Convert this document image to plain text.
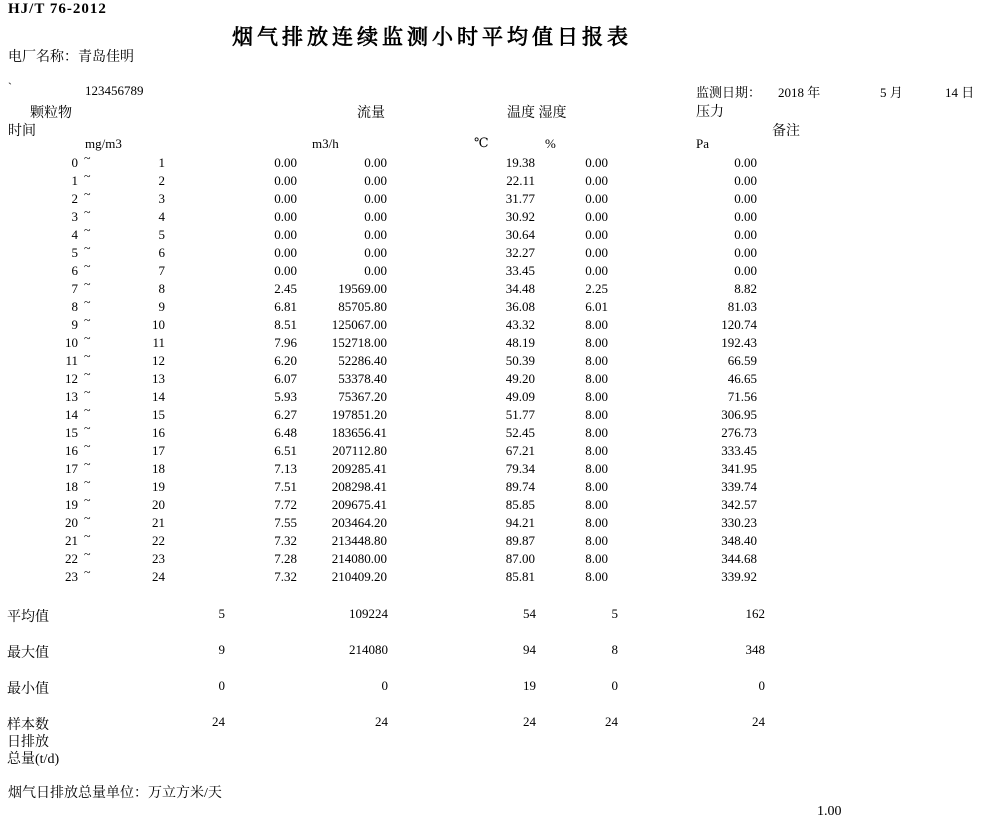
HJ/T 76-2012
烟气排放连续监测小时平均值日报表
电厂名称：青岛佳明
`	123456789	监测日期： 2018 年	5 月	14 日
颗粒物
时间
流量	温度 湿度	压力
备注
mg/m3	m3/h	℃	%	Pa
0 ~	1	0.00	0.00	19.38	0.00	0.00
1 ~	2	0.00	0.00	22.11	0.00	0.00
2 ~	3	0.00	0.00	31.77	0.00	0.00
3 ~	4	0.00	0.00	30.92	0.00	0.00
4 ~	5	0.00	0.00	30.64	0.00	0.00
5 ~	6	0.00	0.00	32.27	0.00	0.00
6 ~	7	0.00	0.00	33.45	0.00	0.00
7 ~	8	2.45	19569.00	34.48	2.25	8.82
8 ~	9	6.81	85705.80	36.08	6.01	81.03
9 ~	10	8.51	125067.00	43.32	8.00	120.74
10 ~	11	7.96	152718.00	48.19	8.00	192.43
11 ~	12	6.20	52286.40	50.39	8.00	66.59
12 ~	13	6.07	53378.40	49.20	8.00	46.65
13 ~	14	5.93	75367.20	49.09	8.00	71.56
14 ~	15	6.27	197851.20	51.77	8.00	306.95
15 ~	16	6.48	183656.41	52.45	8.00	276.73
16 ~	17	6.51	207112.80	67.21	8.00	333.45
17 ~	18	7.13	209285.41	79.34	8.00	341.95
18 ~	19	7.51	208298.41	89.74	8.00	339.74
19 ~	20	7.72	209675.41	85.85	8.00	342.57
20 ~	21	7.55	203464.20	94.21	8.00	330.23
21 ~	22	7.32	213448.80	89.87	8.00	348.40
22 ~	23	7.28	214080.00	87.00	8.00	344.68
23 ~	24	7.32	210409.20	85.81	8.00	339.92
平均值	5	109224	54	5	162
最大值	9	214080	94	8	348
最小值	0	0	19	0	0
样本数	24	24	24	24	24
日排放
总量(t/d)
烟气日排放总量单位：万立方米/天
1.00
